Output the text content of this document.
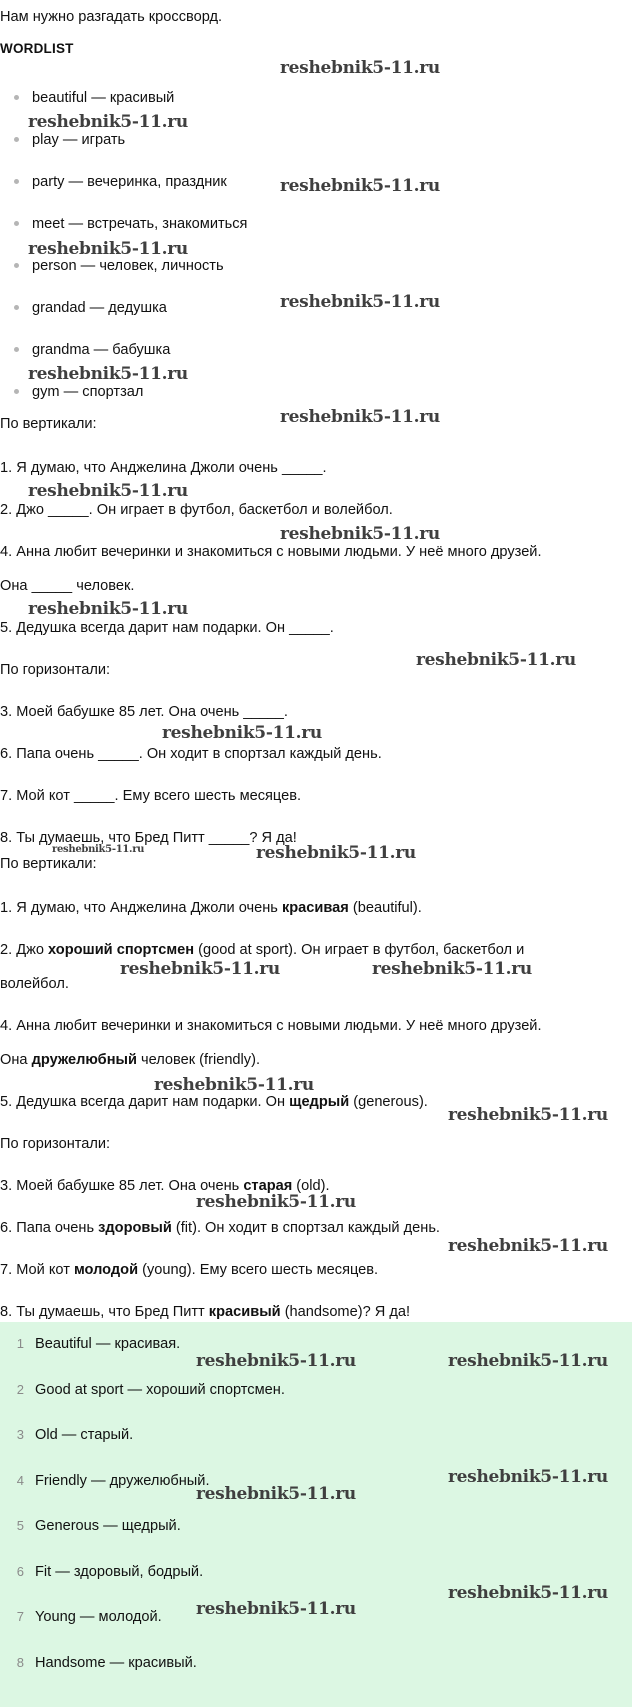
Нам нужно разгадать кроссворд.

WORDLIST

beautiful — красивый
play — играть
party — вечеринка, праздник
meet — встречать, знакомиться
person — человек, личность
grandad — дедушка
grandma — бабушка
gym — спортзал

По вертикали:

1. Я думаю, что Анджелина Джоли очень _____.

2. Джо _____. Он играет в футбол, баскетбол и волейбол.

4. Анна любит вечеринки и знакомиться с новыми людьми. У неё много друзей.

Она _____ человек.

5. Дедушка всегда дарит нам подарки. Он _____.

По горизонтали:

3. Моей бабушке 85 лет. Она очень _____.

6. Папа очень _____. Он ходит в спортзал каждый день.

7. Мой кот _____. Ему всего шесть месяцев.

8. Ты думаешь, что Бред Питт _____? Я да!

По вертикали:

1. Я думаю, что Анджелина Джоли очень красивая (beautiful).

2. Джо хороший спортсмен (good at sport). Он играет в футбол, баскетбол и

волейбол.

4. Анна любит вечеринки и знакомиться с новыми людьми. У неё много друзей.

Она дружелюбный человек (friendly).

5. Дедушка всегда дарит нам подарки. Он щедрый (generous).

По горизонтали:

3. Моей бабушке 85 лет. Она очень старая (old).

6. Папа очень здоровый (fit). Он ходит в спортзал каждый день.

7. Мой кот молодой (young). Ему всего шесть месяцев.

8. Ты думаешь, что Бред Питт красивый (handsome)? Я да!

1 Beautiful — красивая.
2 Good at sport — хороший спортсмен.
3 Old — старый.
4 Friendly — дружелюбный.
5 Generous — щедрый.
6 Fit — здоровый, бодрый.
7 Young — молодой.
8 Handsome — красивый.
reshebnik5-11.ru
reshebnik5-11.ru
reshebnik5-11.ru
reshebnik5-11.ru
reshebnik5-11.ru
reshebnik5-11.ru
reshebnik5-11.ru
reshebnik5-11.ru
reshebnik5-11.ru
reshebnik5-11.ru
reshebnik5-11.ru
reshebnik5-11.ru
reshebnik5-11.ru	reshebnik5-11.ru
reshebnik5-11.ru	reshebnik5-11.ru
reshebnik5-11.ru
reshebnik5-11.ru
reshebnik5-11.ru
reshebnik5-11.ru
reshebnik5-11.ru	reshebnik5-11.ru
reshebnik5-11.ru
reshebnik5-11.ru
reshebnik5-11.ru
reshebnik5-11.ru
